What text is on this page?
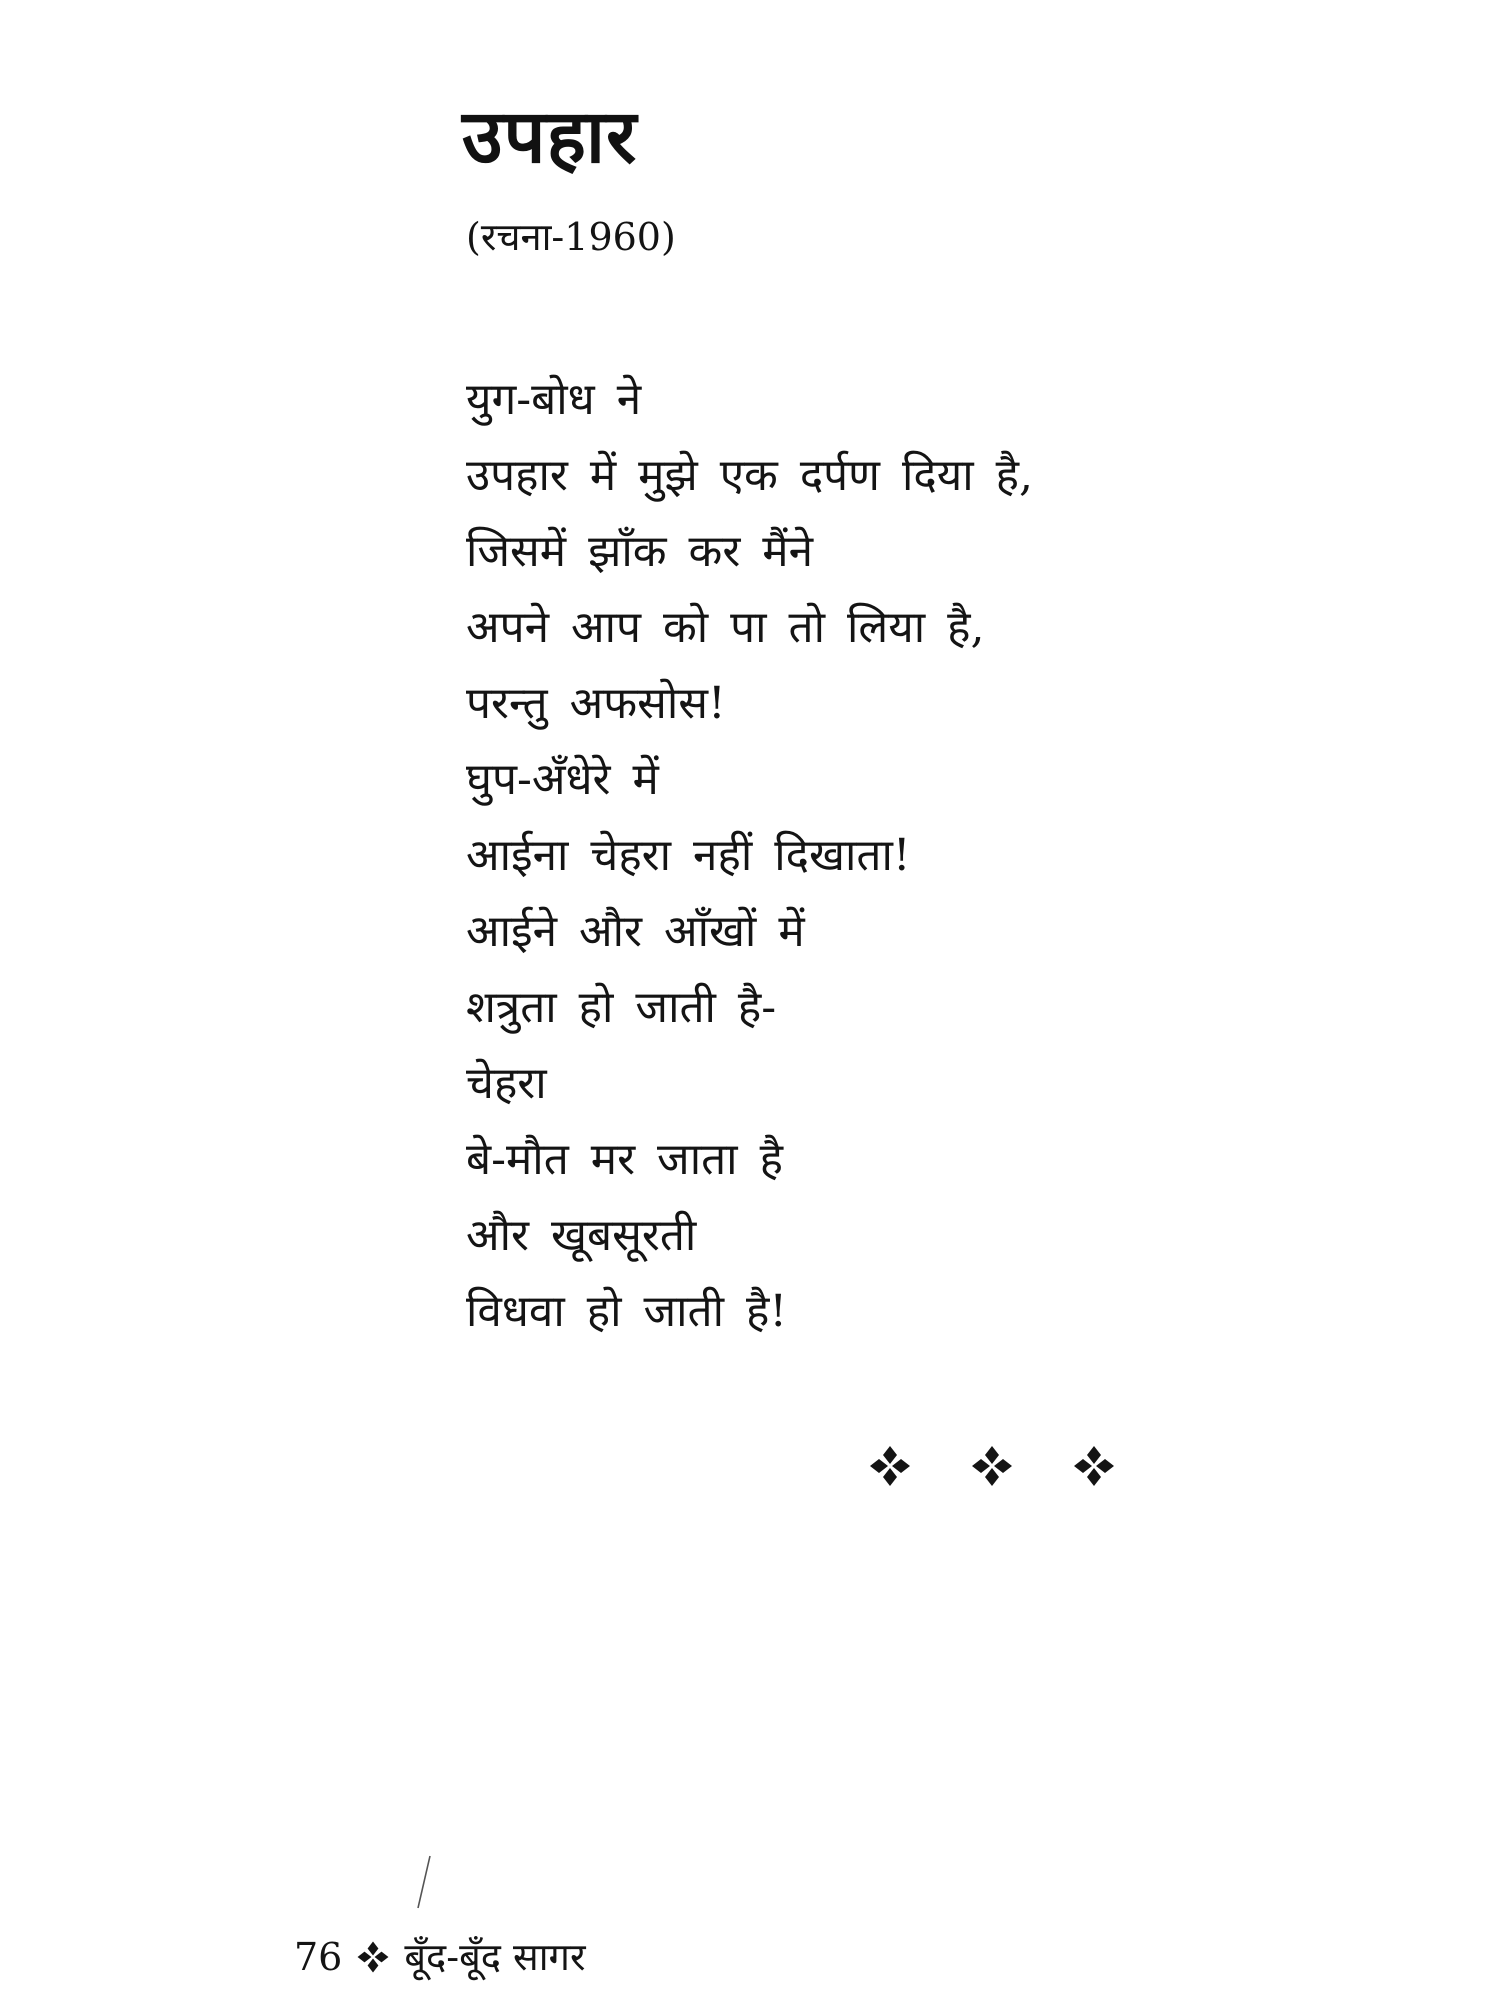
उपहार
(रचना-1960)
युग-बोध ने
उपहार में मुझे एक दर्पण दिया है,
जिसमें झाँक कर मैंने
अपने आप को पा तो लिया है,
परन्तु अफसोस!
घुप-अँधेरे में
आईना चेहरा नहीं दिखाता!
आईने और आँखों में
शत्रुता हो जाती है-
चेहरा
बे-मौत मर जाता है
और खूबसूरती
विधवा हो जाती है!
76 बूँद-बूँद सागर
